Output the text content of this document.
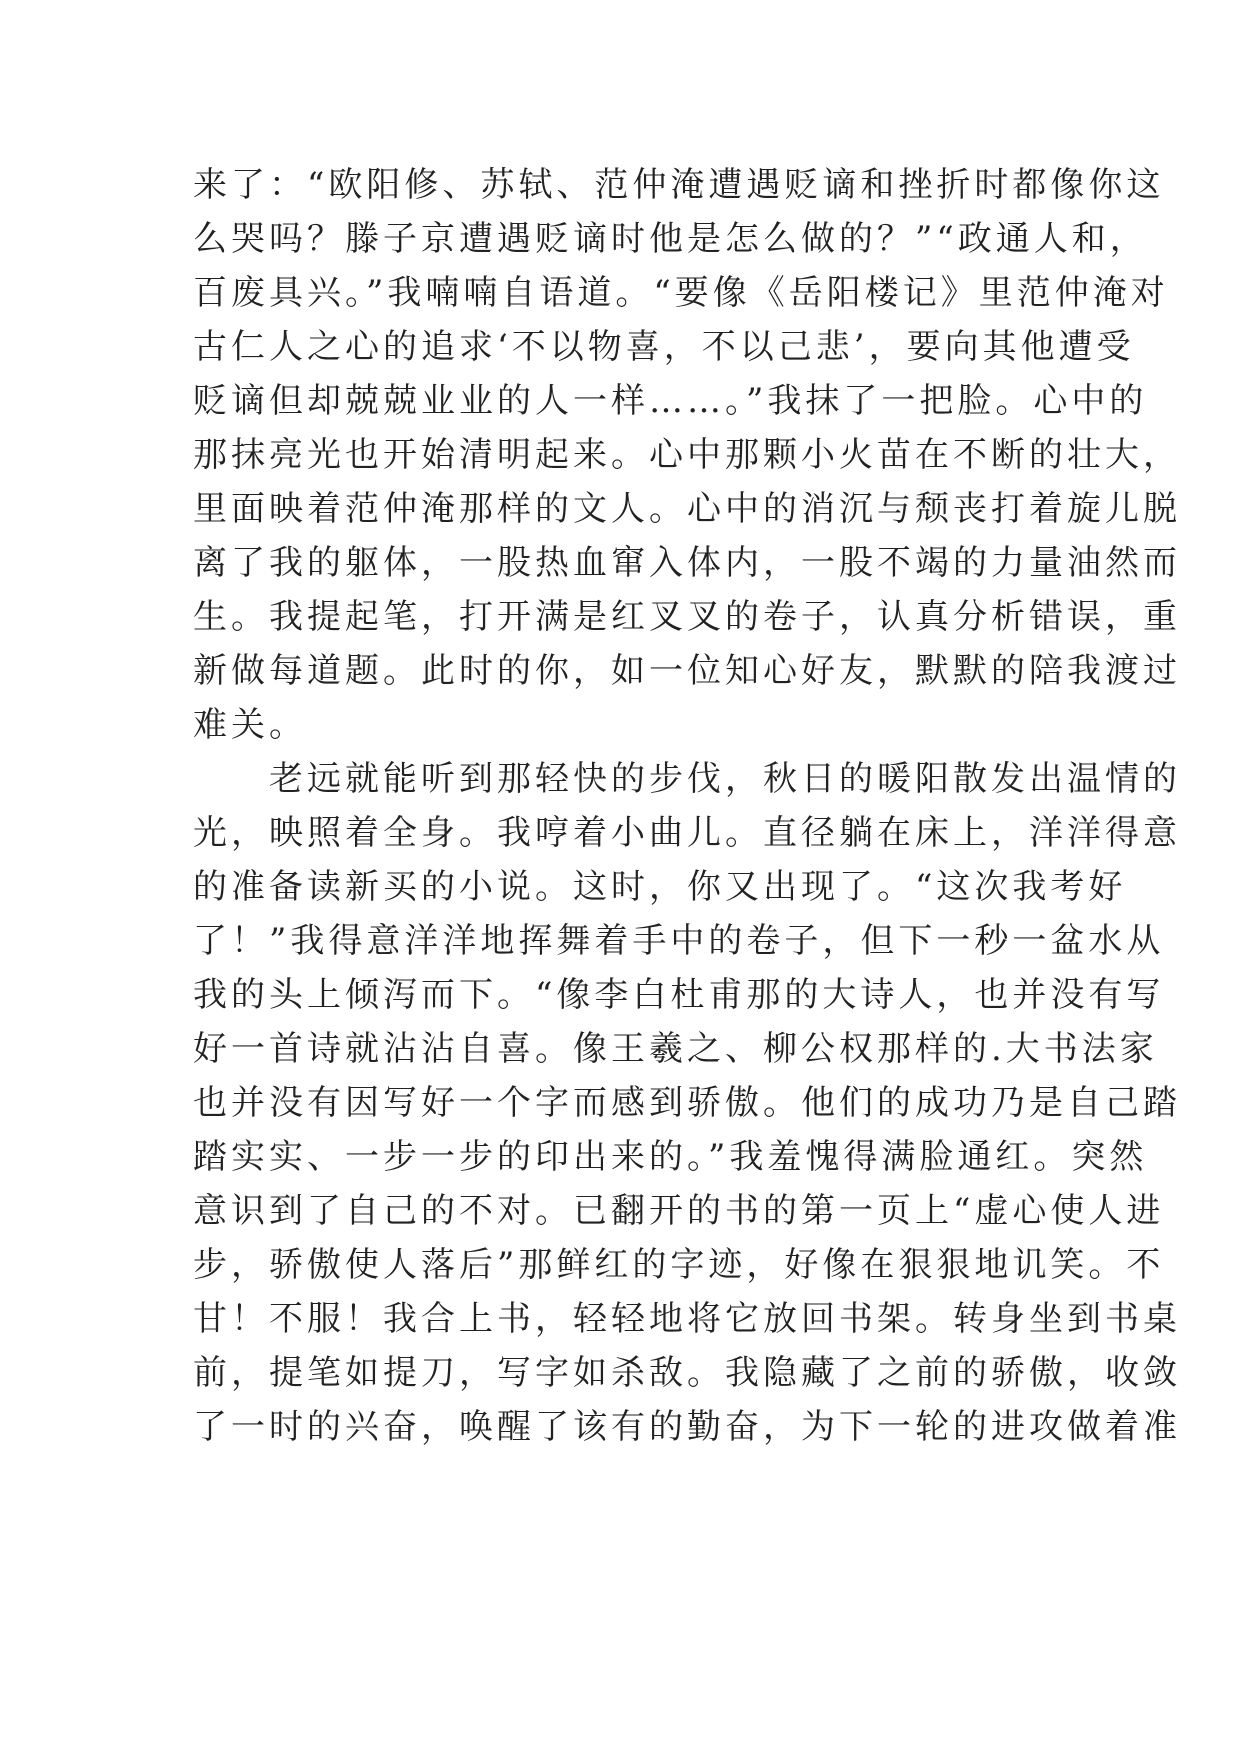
来了：“欧阳修、苏轼、范仲淹遭遇贬谪和挫折时都像你这
么哭吗？滕子京遭遇贬谪时他是怎么做的？”“政通人和，
百废具兴。”我喃喃自语道。“要像《岳阳楼记》里范仲淹对
古仁人之心的追求‘不以物喜，不以己悲’，要向其他遭受
贬谪但却兢兢业业的人一样……。”我抹了一把脸。心中的
那抹亮光也开始清明起来。心中那颗小火苗在不断的壮大，
里面映着范仲淹那样的文人。心中的消沉与颓丧打着旋儿脱
离了我的躯体，一股热血窜入体内，一股不竭的力量油然而
生。我提起笔，打开满是红叉叉的卷子，认真分析错误，重
新做每道题。此时的你，如一位知心好友，默默的陪我渡过
难关。
　　老远就能听到那轻快的步伐，秋日的暖阳散发出温情的
光，映照着全身。我哼着小曲儿。直径躺在床上，洋洋得意
的准备读新买的小说。这时，你又出现了。“这次我考好
了！”我得意洋洋地挥舞着手中的卷子，但下一秒一盆水从
我的头上倾泻而下。“像李白杜甫那的大诗人，也并没有写
好一首诗就沾沾自喜。像王羲之、柳公权那样的.大书法家
也并没有因写好一个字而感到骄傲。他们的成功乃是自己踏
踏实实、一步一步的印出来的。”我羞愧得满脸通红。突然
意识到了自己的不对。已翻开的书的第一页上“虚心使人进
步，骄傲使人落后”那鲜红的字迹，好像在狠狠地讥笑。不
甘！不服！我合上书，轻轻地将它放回书架。转身坐到书桌
前，提笔如提刀，写字如杀敌。我隐藏了之前的骄傲，收敛
了一时的兴奋，唤醒了该有的勤奋，为下一轮的进攻做着准
